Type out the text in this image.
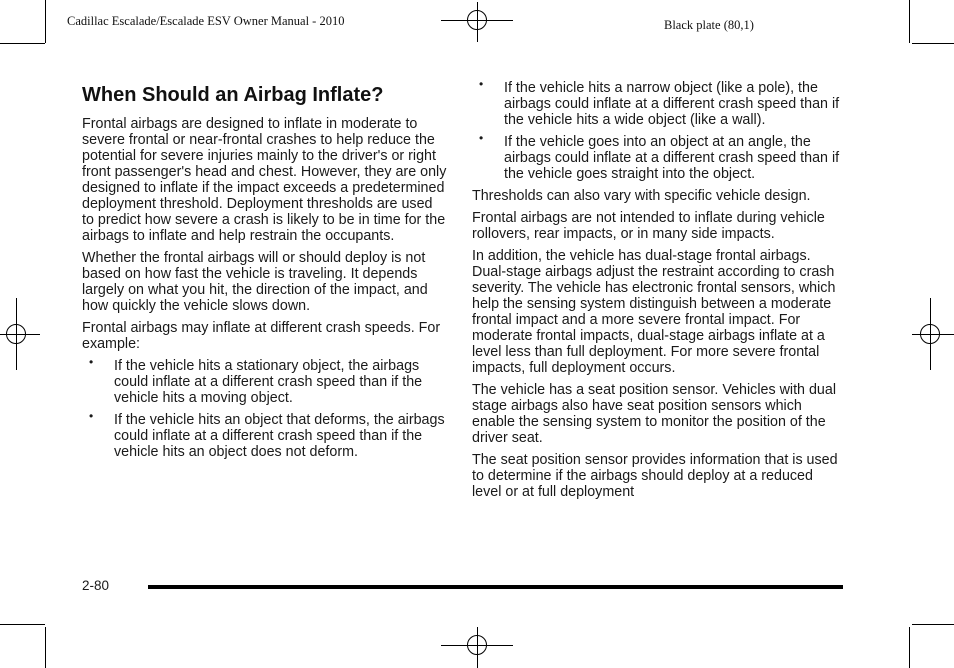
Cadillac Escalade/Escalade ESV Owner Manual - 2010	Black plate (80,1)
When Should an Airbag Inflate?

Frontal airbags are designed to inflate in moderate to severe frontal or near-frontal crashes to help reduce the potential for severe injuries mainly to the driver's or right front passenger's head and chest. However, they are only designed to inflate if the impact exceeds a predetermined deployment threshold. Deployment thresholds are used to predict how severe a crash is likely to be in time for the airbags to inflate and help restrain the occupants.

Whether the frontal airbags will or should deploy is not based on how fast the vehicle is traveling. It depends largely on what you hit, the direction of the impact, and how quickly the vehicle slows down.

Frontal airbags may inflate at different crash speeds. For example:

• If the vehicle hits a stationary object, the airbags could inflate at a different crash speed than if the vehicle hits a moving object.
• If the vehicle hits an object that deforms, the airbags could inflate at a different crash speed than if the vehicle hits an object does not deform.
• If the vehicle hits a narrow object (like a pole), the airbags could inflate at a different crash speed than if the vehicle hits a wide object (like a wall).
• If the vehicle goes into an object at an angle, the airbags could inflate at a different crash speed than if the vehicle goes straight into the object.

Thresholds can also vary with specific vehicle design.

Frontal airbags are not intended to inflate during vehicle rollovers, rear impacts, or in many side impacts.

In addition, the vehicle has dual-stage frontal airbags. Dual-stage airbags adjust the restraint according to crash severity. The vehicle has electronic frontal sensors, which help the sensing system distinguish between a moderate frontal impact and a more severe frontal impact. For moderate frontal impacts, dual-stage airbags inflate at a level less than full deployment. For more severe frontal impacts, full deployment occurs.

The vehicle has a seat position sensor. Vehicles with dual stage airbags also have seat position sensors which enable the sensing system to monitor the position of the driver seat.

The seat position sensor provides information that is used to determine if the airbags should deploy at a reduced level or at full deployment

2-80
